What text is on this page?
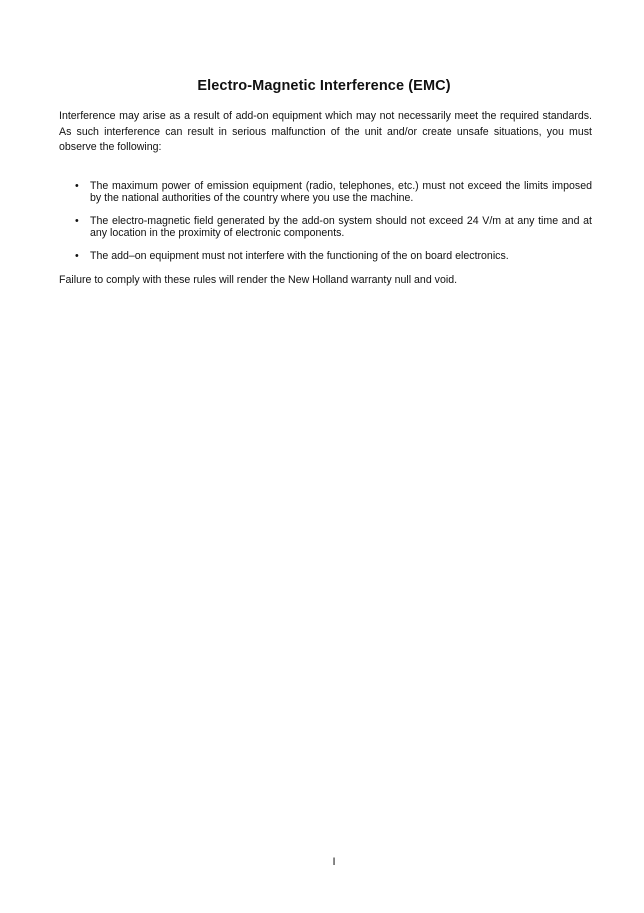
Electro-Magnetic Interference (EMC)

Interference may arise as a result of add-on equipment which may not necessarily meet the required standards. As such interference can result in serious malfunction of the unit and/or create unsafe situations, you must observe the following:

• The maximum power of emission equipment (radio, telephones, etc.) must not exceed the limits imposed by the national authorities of the country where you use the machine.
• The electro-magnetic field generated by the add-on system should not exceed 24 V/m at any time and at any location in the proximity of electronic components.
• The add–on equipment must not interfere with the functioning of the on board electronics.

Failure to comply with these rules will render the New Holland warranty null and void.

I
